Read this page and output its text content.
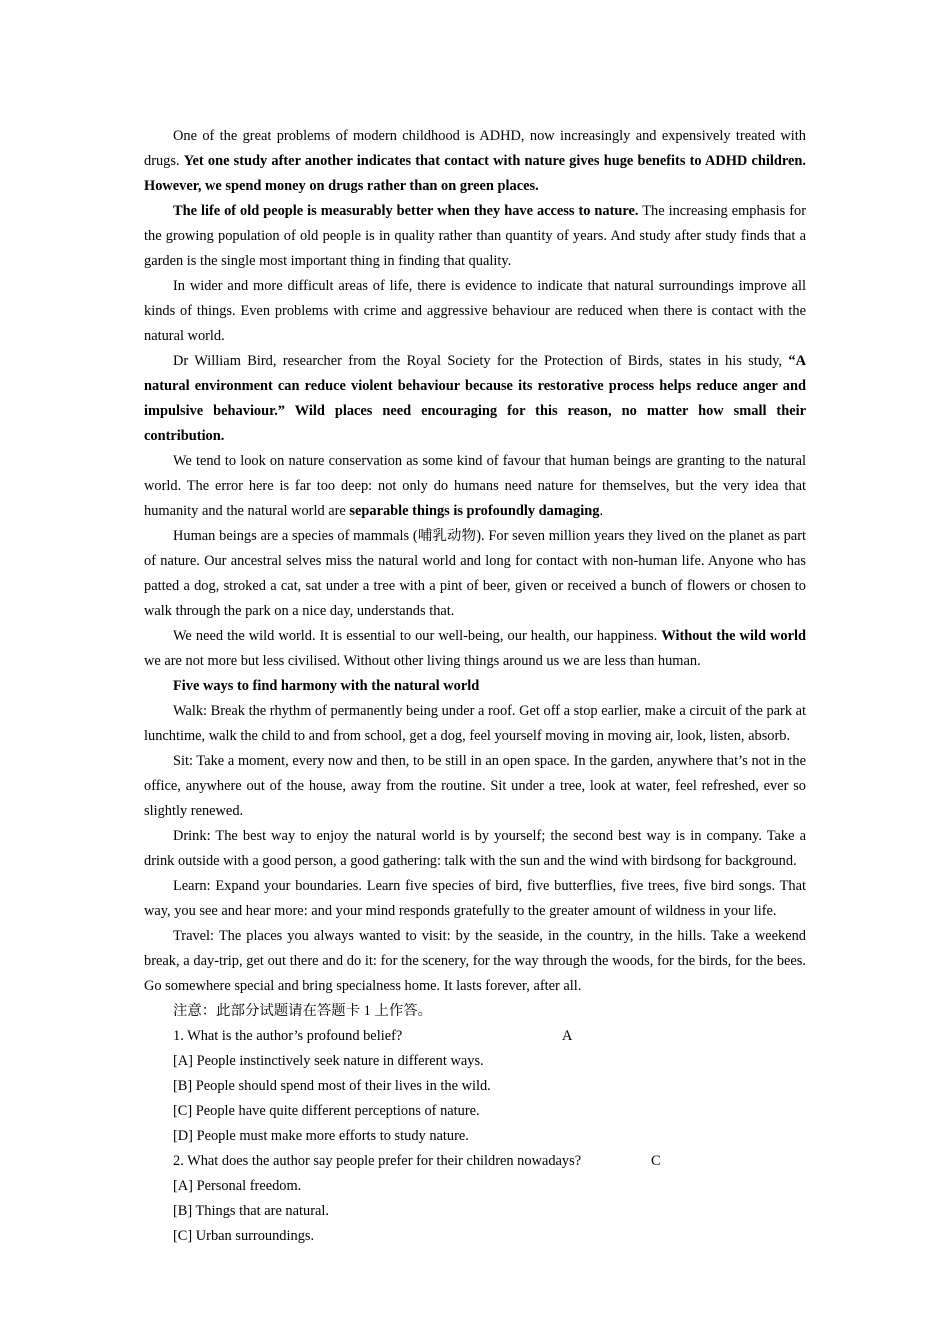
One of the great problems of modern childhood is ADHD, now increasingly and expensively treated with drugs. Yet one study after another indicates that contact with nature gives huge benefits to ADHD children. However, we spend money on drugs rather than on green places.

The life of old people is measurably better when they have access to nature. The increasing emphasis for the growing population of old people is in quality rather than quantity of years. And study after study finds that a garden is the single most important thing in finding that quality.

In wider and more difficult areas of life, there is evidence to indicate that natural surroundings improve all kinds of things. Even problems with crime and aggressive behaviour are reduced when there is contact with the natural world.

Dr William Bird, researcher from the Royal Society for the Protection of Birds, states in his study, “A natural environment can reduce violent behaviour because its restorative process helps reduce anger and impulsive behaviour.” Wild places need encouraging for this reason, no matter how small their contribution.

We tend to look on nature conservation as some kind of favour that human beings are granting to the natural world. The error here is far too deep: not only do humans need nature for themselves, but the very idea that humanity and the natural world are separable things is profoundly damaging.

Human beings are a species of mammals (哺乳动物). For seven million years they lived on the planet as part of nature. Our ancestral selves miss the natural world and long for contact with non-human life. Anyone who has patted a dog, stroked a cat, sat under a tree with a pint of beer, given or received a bunch of flowers or chosen to walk through the park on a nice day, understands that.

We need the wild world. It is essential to our well-being, our health, our happiness. Without the wild world we are not more but less civilised. Without other living things around us we are less than human.

Five ways to find harmony with the natural world

Walk: Break the rhythm of permanently being under a roof. Get off a stop earlier, make a circuit of the park at lunchtime, walk the child to and from school, get a dog, feel yourself moving in moving air, look, listen, absorb.

Sit: Take a moment, every now and then, to be still in an open space. In the garden, anywhere that’s not in the office, anywhere out of the house, away from the routine. Sit under a tree, look at water, feel refreshed, ever so slightly renewed.

Drink: The best way to enjoy the natural world is by yourself; the second best way is in company. Take a drink outside with a good person, a good gathering: talk with the sun and the wind with birdsong for background.

Learn: Expand your boundaries. Learn five species of bird, five butterflies, five trees, five bird songs. That way, you see and hear more: and your mind responds gratefully to the greater amount of wildness in your life.

Travel: The places you always wanted to visit: by the seaside, in the country, in the hills. Take a weekend break, a day-trip, get out there and do it: for the scenery, for the way through the woods, for the birds, for the bees. Go somewhere special and bring specialness home. It lasts forever, after all.

注意：此部分试题请在答题卡 1 上作答。

1. What is the author’s profound belief?	A

[A] People instinctively seek nature in different ways.

[B] People should spend most of their lives in the wild.

[C] People have quite different perceptions of nature.

[D] People must make more efforts to study nature.

2. What does the author say people prefer for their children nowadays?	C

[A] Personal freedom.

[B] Things that are natural.

[C] Urban surroundings.
